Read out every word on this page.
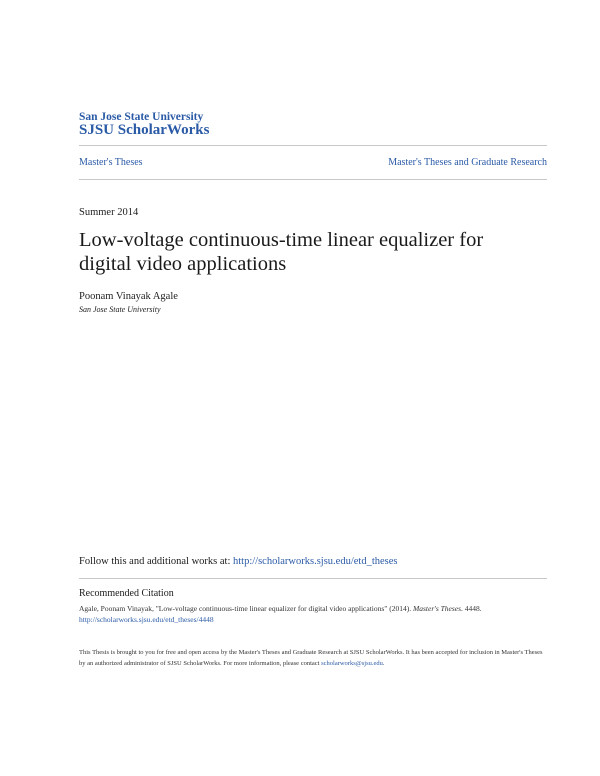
San Jose State University
SJSU ScholarWorks
Master's Theses	Master's Theses and Graduate Research
Summer 2014
Low-voltage continuous-time linear equalizer for digital video applications
Poonam Vinayak Agale
San Jose State University
Follow this and additional works at: http://scholarworks.sjsu.edu/etd_theses
Recommended Citation
Agale, Poonam Vinayak, "Low-voltage continuous-time linear equalizer for digital video applications" (2014). Master's Theses. 4448.
http://scholarworks.sjsu.edu/etd_theses/4448
This Thesis is brought to you for free and open access by the Master's Theses and Graduate Research at SJSU ScholarWorks. It has been accepted for inclusion in Master's Theses by an authorized administrator of SJSU ScholarWorks. For more information, please contact scholarworks@sjsu.edu.
